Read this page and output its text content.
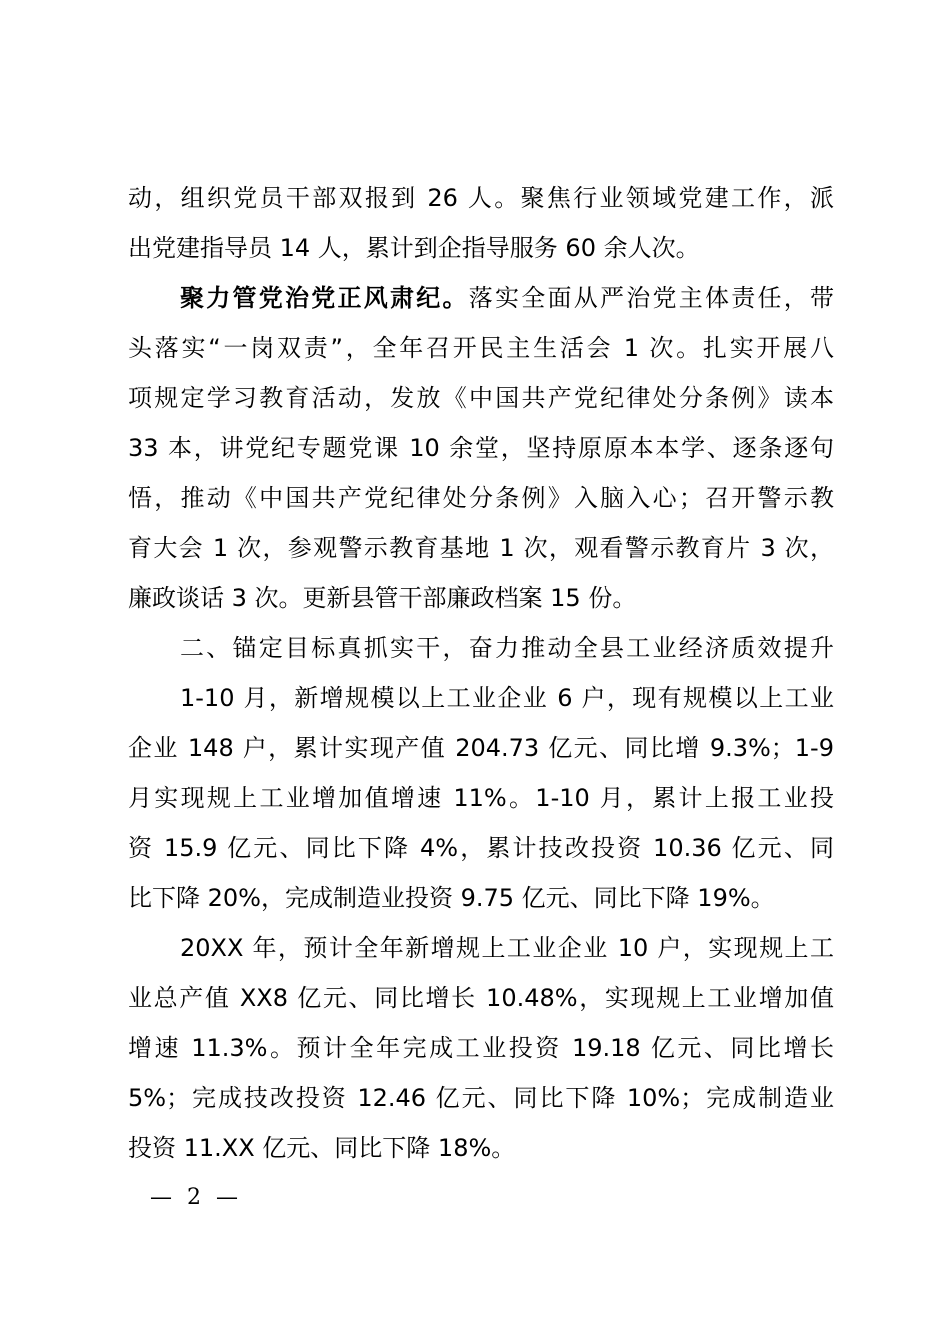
动，组织党员干部双报到 26 人。聚焦行业领域党建工作，派
出党建指导员 14 人，累计到企指导服务 60 余人次。
聚力管党治党正风肃纪。落实全面从严治党主体责任，带
头落实“一岗双责”，全年召开民主生活会 1 次。扎实开展八
项规定学习教育活动，发放《中国共产党纪律处分条例》读本
33 本，讲党纪专题党课 10 余堂，坚持原原本本学、逐条逐句
悟，推动《中国共产党纪律处分条例》入脑入心；召开警示教
育大会 1 次，参观警示教育基地 1 次，观看警示教育片 3 次，
廉政谈话 3 次。更新县管干部廉政档案 15 份。
二、锚定目标真抓实干，奋力推动全县工业经济质效提升
1-10 月，新增规模以上工业企业 6 户，现有规模以上工业
企业 148 户，累计实现产值 204.73 亿元、同比增 9.3%；1-9
月实现规上工业增加值增速 11%。1-10 月，累计上报工业投
资 15.9 亿元、同比下降 4%，累计技改投资 10.36 亿元、同
比下降 20%，完成制造业投资 9.75 亿元、同比下降 19%。
20XX 年，预计全年新增规上工业企业 10 户，实现规上工
业总产值 XX8 亿元、同比增长 10.48%，实现规上工业增加值
增速 11.3%。预计全年完成工业投资 19.18 亿元、同比增长
5%；完成技改投资 12.46 亿元、同比下降 10%；完成制造业
投资 11.XX 亿元、同比下降 18%。
— 2 —
